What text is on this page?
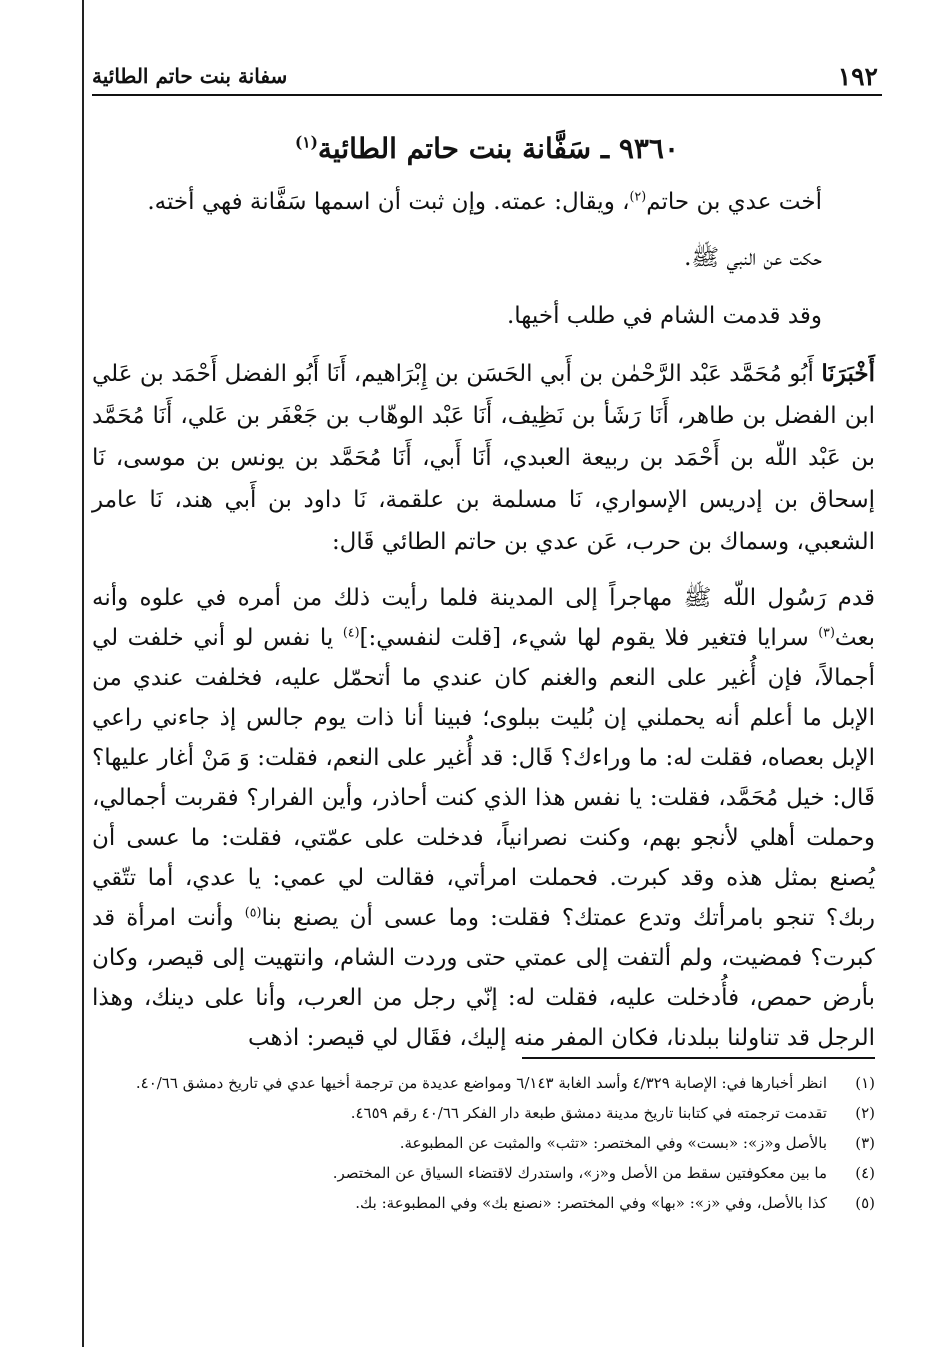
١٩٢
سفانة بنت حاتم الطائية
٩٣٦٠ ـ سَفَّانة بنت حاتم الطائية$^{(١)}$
أخت عدي بن حاتم$^{(٢)}$، ويقال: عمته. وإن ثبت أن اسمها سَفَّانة فهي أخته.
حكت عن النبي ﷺ.
وقد قدمت الشام في طلب أخيها.
أَخْبَرَنَا أَبُو مُحَمَّد عَبْد الرَّحْمٰن بن أَبي الحَسَن بن إِبْرَاهيم، أَنَا أَبُو الفضل أَحْمَد بن عَلي ابن الفضل بن طاهر، أَنَا رَشَأ بن نَظِيف، أَنَا عَبْد الوهّاب بن جَعْفَر بن عَلي، أَنَا مُحَمَّد بن عَبْد اللّه بن أَحْمَد بن ربيعة العبدي، أَنَا أَبي، أَنَا مُحَمَّد بن يونس بن موسى، نَا إسحاق بن إدريس الإسواري، نَا مسلمة بن علقمة، نَا داود بن أَبي هند، نَا عامر الشعبي، وسماك بن حرب، عَن عدي بن حاتم الطائي قَال:
قدم رَسُول اللّه ﷺ مهاجراً إلى المدينة فلما رأيت ذلك من أمره في علوه وأنه بعث$^{(٣)}$ سرايا فتغير فلا يقوم لها شيء، [قلت لنفسي:]$^{(٤)}$ يا نفس لو أني خلفت لي أجمالاً، فإن أُغير على النعم والغنم كان عندي ما أتحمّل عليه، فخلفت عندي من الإبل ما أعلم أنه يحملني إن بُليت ببلوى؛ فبينا أنا ذات يوم جالس إذ جاءني راعي الإبل بعصاه، فقلت له: ما وراءك؟ قَال: قد أُغير على النعم، فقلت: وَ مَنْ أغار عليها؟ قَال: خيل مُحَمَّد، فقلت: يا نفس هذا الذي كنت أحاذر، وأين الفرار؟ فقربت أجمالي، وحملت أهلي لأنجو بهم، وكنت نصرانياً، فدخلت على عمّتي، فقلت: ما عسى أن يُصنع بمثل هذه وقد كبرت. فحملت امرأتي، فقالت لي عمي: يا عدي، أما تتّقي ربك؟ تنجو بامرأتك وتدع عمتك؟ فقلت: وما عسى أن يصنع بنا$^{(٥)}$ وأنت امرأة قد كبرت؟ فمضيت، ولم ألتفت إلى عمتي حتى وردت الشام، وانتهيت إلى قيصر، وكان بأرض حمص، فأُدخلت عليه، فقلت له: إنّي رجل من العرب، وأنا على دينك، وهذا الرجل قد تناولنا ببلدنا، فكان المفر منه إليك، فقَال لي قيصر: اذهب
(١)
انظر أخبارها في: الإصابة ٤/٣٢٩ وأسد الغابة ٦/١٤٣ ومواضع عديدة من ترجمة أخيها عدي في تاريخ دمشق ٤٠/٦٦.
(٢)
تقدمت ترجمته في كتابنا تاريخ مدينة دمشق طبعة دار الفكر ٤٠/٦٦ رقم ٤٦٥٩.
(٣)
بالأصل و«ز»: «بست» وفي المختصر: «تثب» والمثبت عن المطبوعة.
(٤)
ما بين معكوفتين سقط من الأصل و«ز»، واستدرك لاقتضاء السياق عن المختصر.
(٥)
كذا بالأصل، وفي «ز»: «بها» وفي المختصر: «نصنع بك» وفي المطبوعة: بك.
